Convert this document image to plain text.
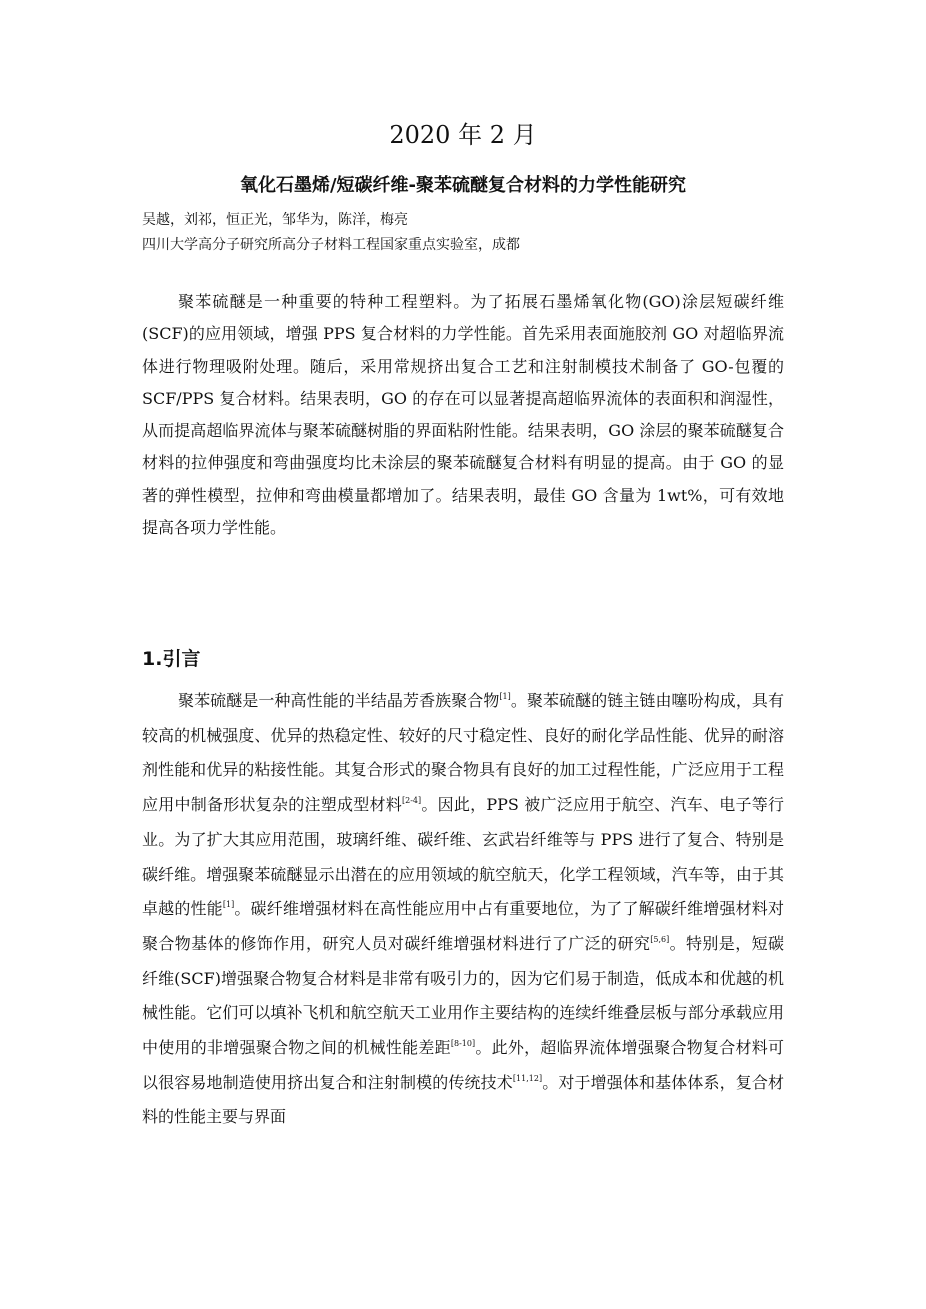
2020 年 2 月
氧化石墨烯/短碳纤维-聚苯硫醚复合材料的力学性能研究
吴越，刘祁，恒正光，邹华为，陈洋，梅亮
四川大学高分子研究所高分子材料工程国家重点实验室，成都

聚苯硫醚是一种重要的特种工程塑料。为了拓展石墨烯氧化物(GO)涂层短碳纤维(SCF)的应用领域，增强 PPS 复合材料的力学性能。首先采用表面施胶剂 GO 对超临界流体进行物理吸附处理。随后，采用常规挤出复合工艺和注射制模技术制备了 GO-包覆的 SCF/PPS 复合材料。结果表明，GO 的存在可以显著提高超临界流体的表面积和润湿性，从而提高超临界流体与聚苯硫醚树脂的界面粘附性能。结果表明，GO 涂层的聚苯硫醚复合材料的拉伸强度和弯曲强度均比未涂层的聚苯硫醚复合材料有明显的提高。由于 GO 的显著的弹性模型，拉伸和弯曲模量都增加了。结果表明，最佳 GO 含量为 1wt%，可有效地提高各项力学性能。

1.引言

聚苯硫醚是一种高性能的半结晶芳香族聚合物[1]。聚苯硫醚的链主链由噻吩构成，具有较高的机械强度、优异的热稳定性、较好的尺寸稳定性、良好的耐化学品性能、优异的耐溶剂性能和优异的粘接性能。其复合形式的聚合物具有良好的加工过程性能，广泛应用于工程应用中制备形状复杂的注塑成型材料[2-4]。因此，PPS 被广泛应用于航空、汽车、电子等行业。为了扩大其应用范围，玻璃纤维、碳纤维、玄武岩纤维等与 PPS 进行了复合、特别是碳纤维。增强聚苯硫醚显示出潜在的应用领域的航空航天，化学工程领域，汽车等，由于其卓越的性能[1]。碳纤维增强材料在高性能应用中占有重要地位，为了了解碳纤维增强材料对聚合物基体的修饰作用，研究人员对碳纤维增强材料进行了广泛的研究[5,6]。特别是，短碳纤维(SCF)增强聚合物复合材料是非常有吸引力的，因为它们易于制造，低成本和优越的机械性能。它们可以填补飞机和航空航天工业用作主要结构的连续纤维叠层板与部分承载应用中使用的非增强聚合物之间的机械性能差距[8-10]。此外，超临界流体增强聚合物复合材料可以很容易地制造使用挤出复合和注射制模的传统技术[11,12]。对于增强体和基体体系，复合材料的性能主要与界面
